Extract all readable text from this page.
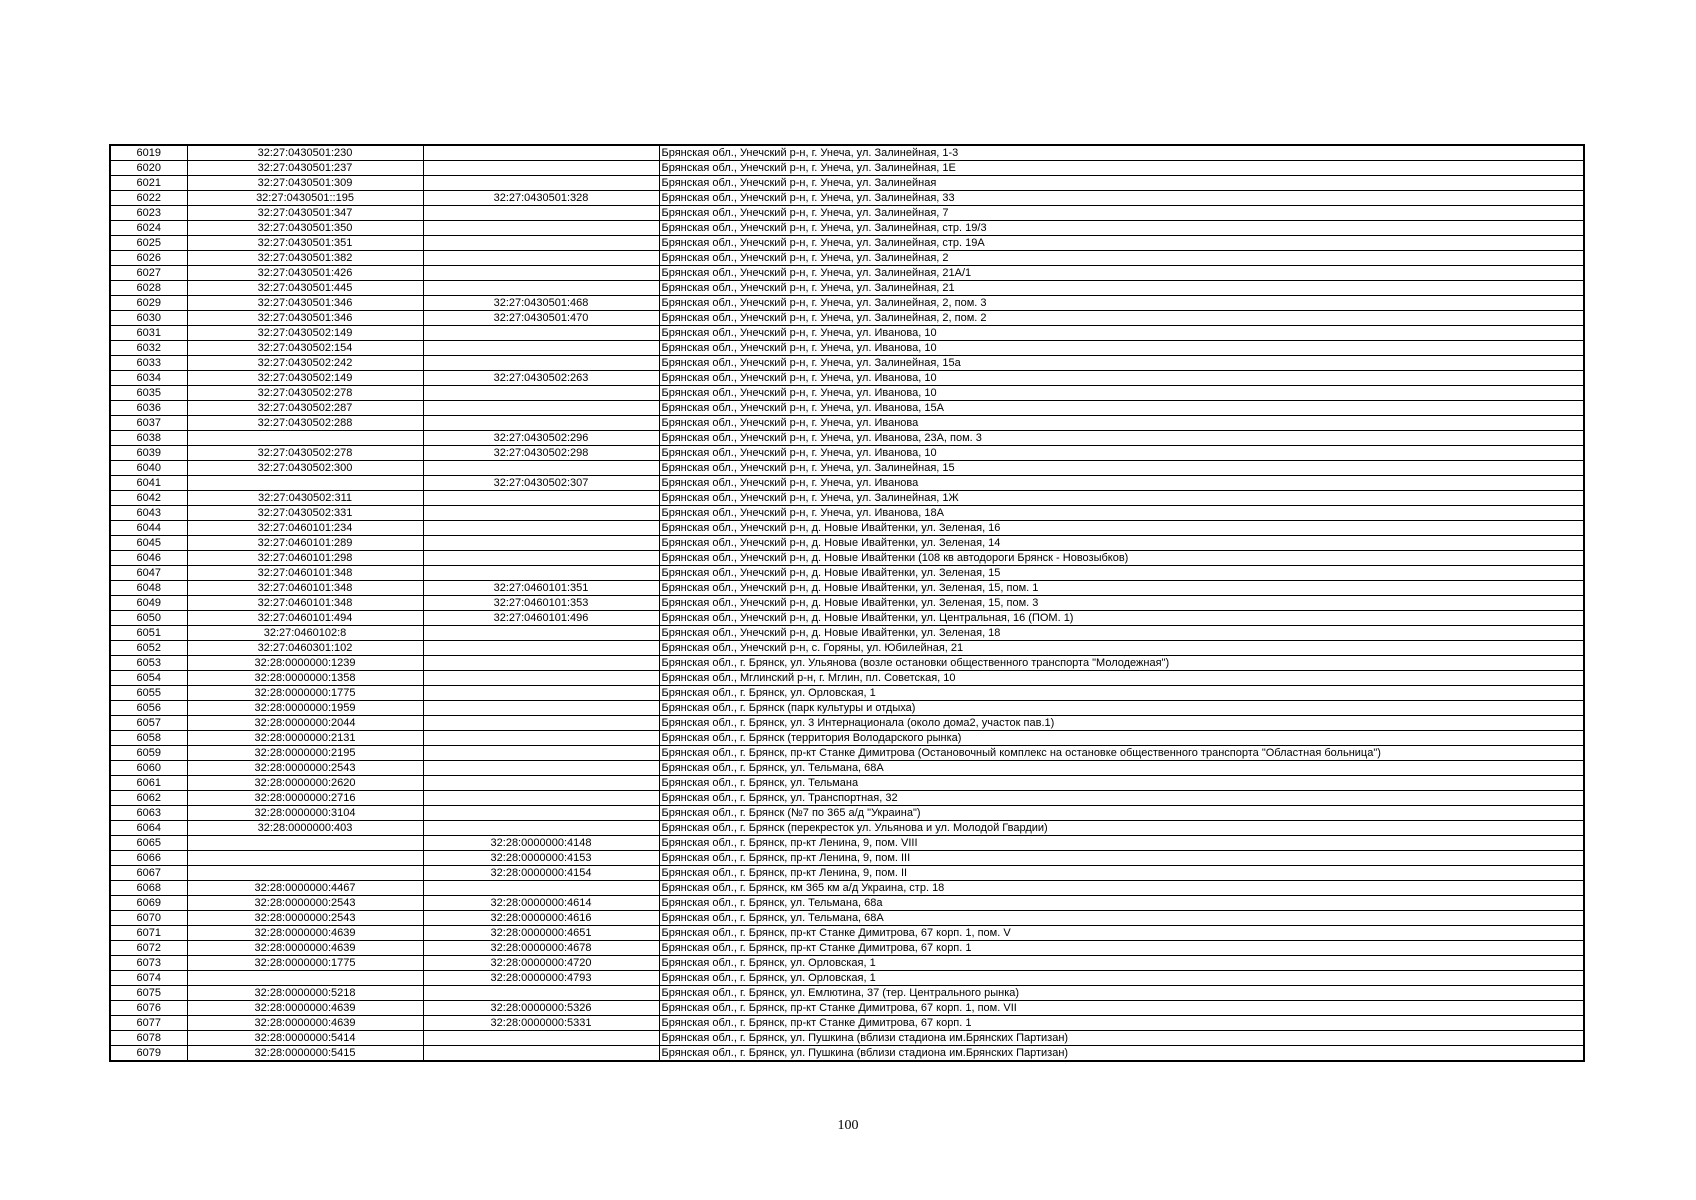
6019	32:27:0430501:230		Брянская обл., Унечский р-н, г. Унеча, ул. Залинейная, 1-3
6020	32:27:0430501:237		Брянская обл., Унечский р-н, г. Унеча, ул. Залинейная, 1Е
6021	32:27:0430501:309		Брянская обл., Унечский р-н, г. Унеча, ул. Залинейная
6022	32:27:0430501::195	32:27:0430501:328	Брянская обл., Унечский р-н, г. Унеча, ул. Залинейная, 33
6023	32:27:0430501:347		Брянская обл., Унечский р-н, г. Унеча, ул. Залинейная, 7
6024	32:27:0430501:350		Брянская обл., Унечский р-н, г. Унеча, ул. Залинейная, стр. 19/3
6025	32:27:0430501:351		Брянская обл., Унечский р-н, г. Унеча, ул. Залинейная, стр. 19А
6026	32:27:0430501:382		Брянская обл., Унечский р-н, г. Унеча, ул. Залинейная, 2
6027	32:27:0430501:426		Брянская обл., Унечский р-н, г. Унеча, ул. Залинейная, 21А/1
6028	32:27:0430501:445		Брянская обл., Унечский р-н, г. Унеча, ул. Залинейная, 21
6029	32:27:0430501:346	32:27:0430501:468	Брянская обл., Унечский р-н, г. Унеча, ул. Залинейная, 2, пом. 3
6030	32:27:0430501:346	32:27:0430501:470	Брянская обл., Унечский р-н, г. Унеча, ул. Залинейная, 2, пом. 2
6031	32:27:0430502:149		Брянская обл., Унечский р-н, г. Унеча, ул. Иванова, 10
6032	32:27:0430502:154		Брянская обл., Унечский р-н, г. Унеча, ул. Иванова, 10
6033	32:27:0430502:242		Брянская обл., Унечский р-н, г. Унеча, ул. Залинейная, 15а
6034	32:27:0430502:149	32:27:0430502:263	Брянская обл., Унечский р-н, г. Унеча, ул. Иванова, 10
6035	32:27:0430502:278		Брянская обл., Унечский р-н, г. Унеча, ул. Иванова, 10
6036	32:27:0430502:287		Брянская обл., Унечский р-н, г. Унеча, ул. Иванова, 15А
6037	32:27:0430502:288		Брянская обл., Унечский р-н, г. Унеча, ул. Иванова
6038		32:27:0430502:296	Брянская обл., Унечский р-н, г. Унеча, ул. Иванова, 23А, пом. 3
6039	32:27:0430502:278	32:27:0430502:298	Брянская обл., Унечский р-н, г. Унеча, ул. Иванова, 10
6040	32:27:0430502:300		Брянская обл., Унечский р-н, г. Унеча, ул. Залинейная, 15
6041		32:27:0430502:307	Брянская обл., Унечский р-н, г. Унеча, ул. Иванова
6042	32:27:0430502:311		Брянская обл., Унечский р-н, г. Унеча, ул. Залинейная, 1Ж
6043	32:27:0430502:331		Брянская обл., Унечский р-н, г. Унеча, ул. Иванова, 18А
6044	32:27:0460101:234		Брянская обл., Унечский р-н, д. Новые Ивайтенки, ул. Зеленая, 16
6045	32:27:0460101:289		Брянская обл., Унечский р-н, д. Новые Ивайтенки, ул. Зеленая, 14
6046	32:27:0460101:298		Брянская обл., Унечский р-н, д. Новые Ивайтенки (108 кв автодороги Брянск - Новозыбков)
6047	32:27:0460101:348		Брянская обл., Унечский р-н, д. Новые Ивайтенки, ул. Зеленая, 15
6048	32:27:0460101:348	32:27:0460101:351	Брянская обл., Унечский р-н, д. Новые Ивайтенки, ул. Зеленая, 15, пом. 1
6049	32:27:0460101:348	32:27:0460101:353	Брянская обл., Унечский р-н, д. Новые Ивайтенки, ул. Зеленая, 15, пом. 3
6050	32:27:0460101:494	32:27:0460101:496	Брянская обл., Унечский р-н, д. Новые Ивайтенки, ул. Центральная, 16 (ПОМ. 1)
6051	32:27:0460102:8		Брянская обл., Унечский р-н, д. Новые Ивайтенки, ул. Зеленая, 18
6052	32:27:0460301:102		Брянская обл., Унечский р-н, с. Горяны, ул. Юбилейная, 21
6053	32:28:0000000:1239		Брянская обл., г. Брянск, ул. Ульянова (возле остановки общественного транспорта "Молодежная")
6054	32:28:0000000:1358		Брянская обл., Мглинский р-н, г. Мглин, пл. Советская, 10
6055	32:28:0000000:1775		Брянская обл., г. Брянск, ул. Орловская, 1
6056	32:28:0000000:1959		Брянская обл., г. Брянск (парк культуры и отдыха)
6057	32:28:0000000:2044		Брянская обл., г. Брянск, ул. 3 Интернационала (около дома2, участок пав.1)
6058	32:28:0000000:2131		Брянская обл., г. Брянск (территория Володарского рынка)
6059	32:28:0000000:2195		Брянская обл., г. Брянск, пр-кт Станке Димитрова (Остановочный комплекс на остановке общественного транспорта "Областная больница")
6060	32:28:0000000:2543		Брянская обл., г. Брянск, ул. Тельмана, 68А
6061	32:28:0000000:2620		Брянская обл., г. Брянск, ул. Тельмана
6062	32:28:0000000:2716		Брянская обл., г. Брянск, ул. Транспортная, 32
6063	32:28:0000000:3104		Брянская обл., г. Брянск (№7 по 365 а/д "Украина")
6064	32:28:0000000:403		Брянская обл., г. Брянск (перекресток ул. Ульянова и ул. Молодой Гвардии)
6065		32:28:0000000:4148	Брянская обл., г. Брянск, пр-кт Ленина, 9, пом. VIII
6066		32:28:0000000:4153	Брянская обл., г. Брянск, пр-кт Ленина, 9, пом. III
6067		32:28:0000000:4154	Брянская обл., г. Брянск, пр-кт Ленина, 9, пом. II
6068	32:28:0000000:4467		Брянская обл., г. Брянск, км 365 км а/д Украина, стр. 18
6069	32:28:0000000:2543	32:28:0000000:4614	Брянская обл., г. Брянск, ул. Тельмана, 68а
6070	32:28:0000000:2543	32:28:0000000:4616	Брянская обл., г. Брянск, ул. Тельмана, 68А
6071	32:28:0000000:4639	32:28:0000000:4651	Брянская обл., г. Брянск, пр-кт Станке Димитрова, 67 корп. 1, пом. V
6072	32:28:0000000:4639	32:28:0000000:4678	Брянская обл., г. Брянск, пр-кт Станке Димитрова, 67 корп. 1
6073	32:28:0000000:1775	32:28:0000000:4720	Брянская обл., г. Брянск, ул. Орловская, 1
6074		32:28:0000000:4793	Брянская обл., г. Брянск, ул. Орловская, 1
6075	32:28:0000000:5218		Брянская обл., г. Брянск, ул. Емлютина, 37 (тер. Центрального рынка)
6076	32:28:0000000:4639	32:28:0000000:5326	Брянская обл., г. Брянск, пр-кт Станке Димитрова, 67 корп. 1, пом. VII
6077	32:28:0000000:4639	32:28:0000000:5331	Брянская обл., г. Брянск, пр-кт Станке Димитрова, 67 корп. 1
6078	32:28:0000000:5414		Брянская обл., г. Брянск, ул. Пушкина (вблизи стадиона им.Брянских Партизан)
6079	32:28:0000000:5415		Брянская обл., г. Брянск, ул. Пушкина (вблизи стадиона им.Брянских Партизан)
100
